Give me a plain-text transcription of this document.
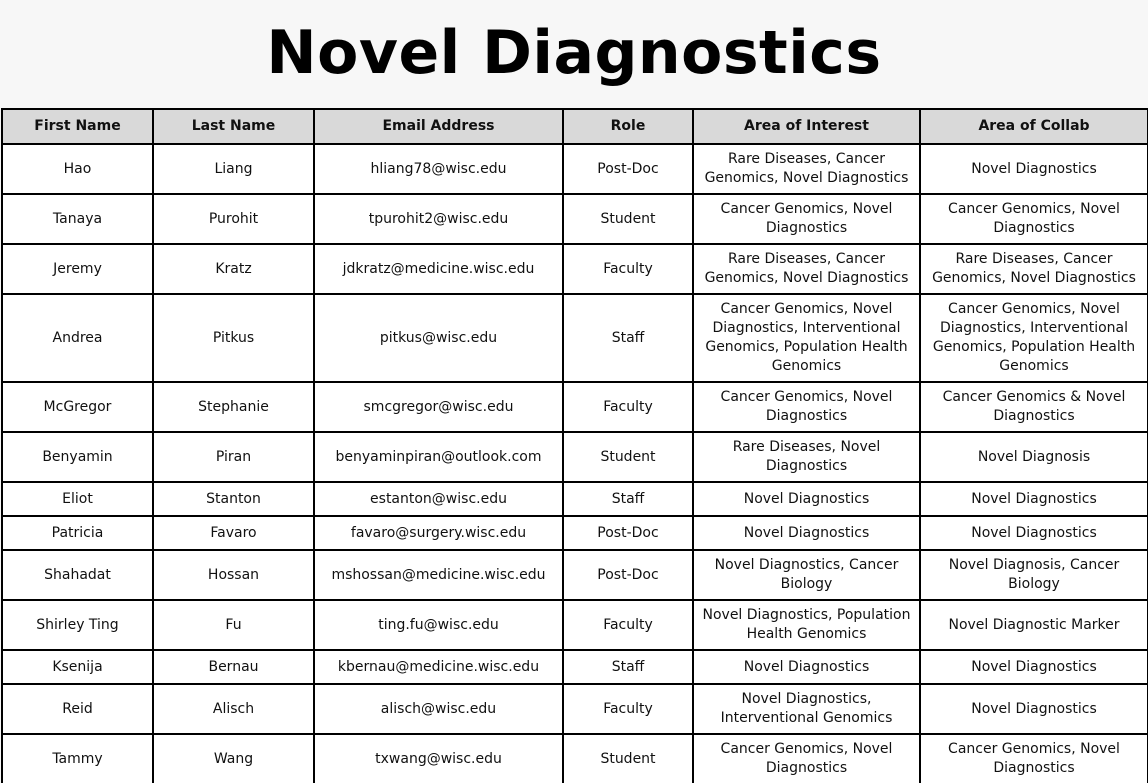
Novel Diagnostics
First Name	Last Name	Email Address	Role	Area of Interest	Area of Collab
Hao	Liang	hliang78@wisc.edu	Post-Doc	Rare Diseases, Cancer Genomics, Novel Diagnostics	Novel Diagnostics
Tanaya	Purohit	tpurohit2@wisc.edu	Student	Cancer Genomics, Novel Diagnostics	Cancer Genomics, Novel Diagnostics
Jeremy	Kratz	jdkratz@medicine.wisc.edu	Faculty	Rare Diseases, Cancer Genomics, Novel Diagnostics	Rare Diseases, Cancer Genomics, Novel Diagnostics
Andrea	Pitkus	pitkus@wisc.edu	Staff	Cancer Genomics, Novel Diagnostics, Interventional Genomics, Population Health Genomics	Cancer Genomics, Novel Diagnostics, Interventional Genomics, Population Health Genomics
McGregor	Stephanie	smcgregor@wisc.edu	Faculty	Cancer Genomics, Novel Diagnostics	Cancer Genomics & Novel Diagnostics
Benyamin	Piran	benyaminpiran@outlook.com	Student	Rare Diseases, Novel Diagnostics	Novel Diagnosis
Eliot	Stanton	estanton@wisc.edu	Staff	Novel Diagnostics	Novel Diagnostics
Patricia	Favaro	favaro@surgery.wisc.edu	Post-Doc	Novel Diagnostics	Novel Diagnostics
Shahadat	Hossan	mshossan@medicine.wisc.edu	Post-Doc	Novel Diagnostics, Cancer Biology	Novel Diagnosis, Cancer Biology
Shirley Ting	Fu	ting.fu@wisc.edu	Faculty	Novel Diagnostics, Population Health Genomics	Novel Diagnostic Marker
Ksenija	Bernau	kbernau@medicine.wisc.edu	Staff	Novel Diagnostics	Novel Diagnostics
Reid	Alisch	alisch@wisc.edu	Faculty	Novel Diagnostics, Interventional Genomics	Novel Diagnostics
Tammy	Wang	txwang@wisc.edu	Student	Cancer Genomics, Novel Diagnostics	Cancer Genomics, Novel Diagnostics
